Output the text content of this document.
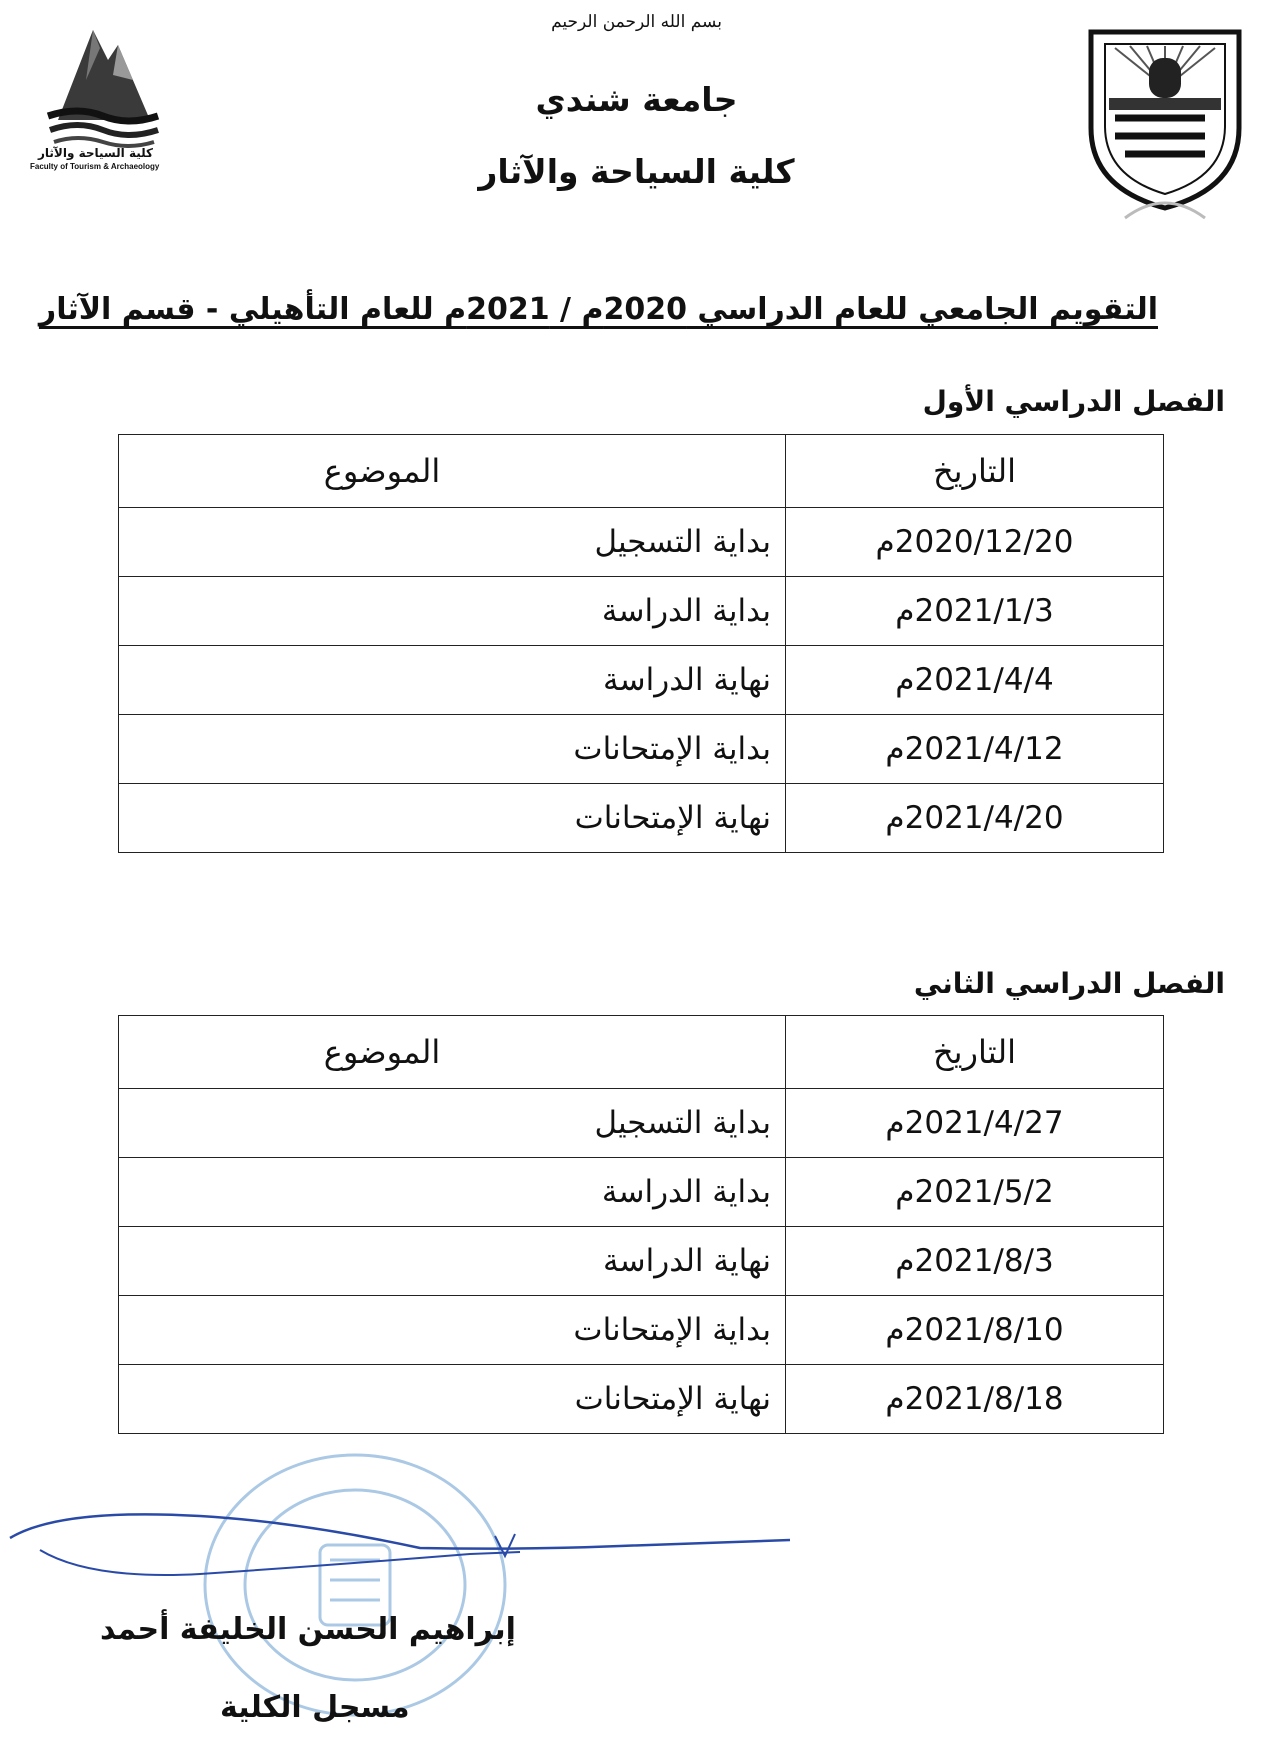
كلية السياحة والآثار
Faculty of Tourism & Archaeology
بسم الله الرحمن الرحيم
جامعة شندي
كلية السياحة والآثار
التقويم الجامعي للعام الدراسي 2020م / 2021م للعام التأهيلي - قسم الآثار
الفصل الدراسي الأول
التاريخ	الموضوع
2020/12/20م	بداية التسجيل
2021/1/3م	بداية الدراسة
2021/4/4م	نهاية الدراسة
2021/4/12م	بداية الإمتحانات
2021/4/20م	نهاية الإمتحانات
الفصل الدراسي الثاني
التاريخ	الموضوع
2021/4/27م	بداية التسجيل
2021/5/2م	بداية الدراسة
2021/8/3م	نهاية الدراسة
2021/8/10م	بداية الإمتحانات
2021/8/18م	نهاية الإمتحانات
إبراهيم الحسن الخليفة أحمد
مسجل الكلية
